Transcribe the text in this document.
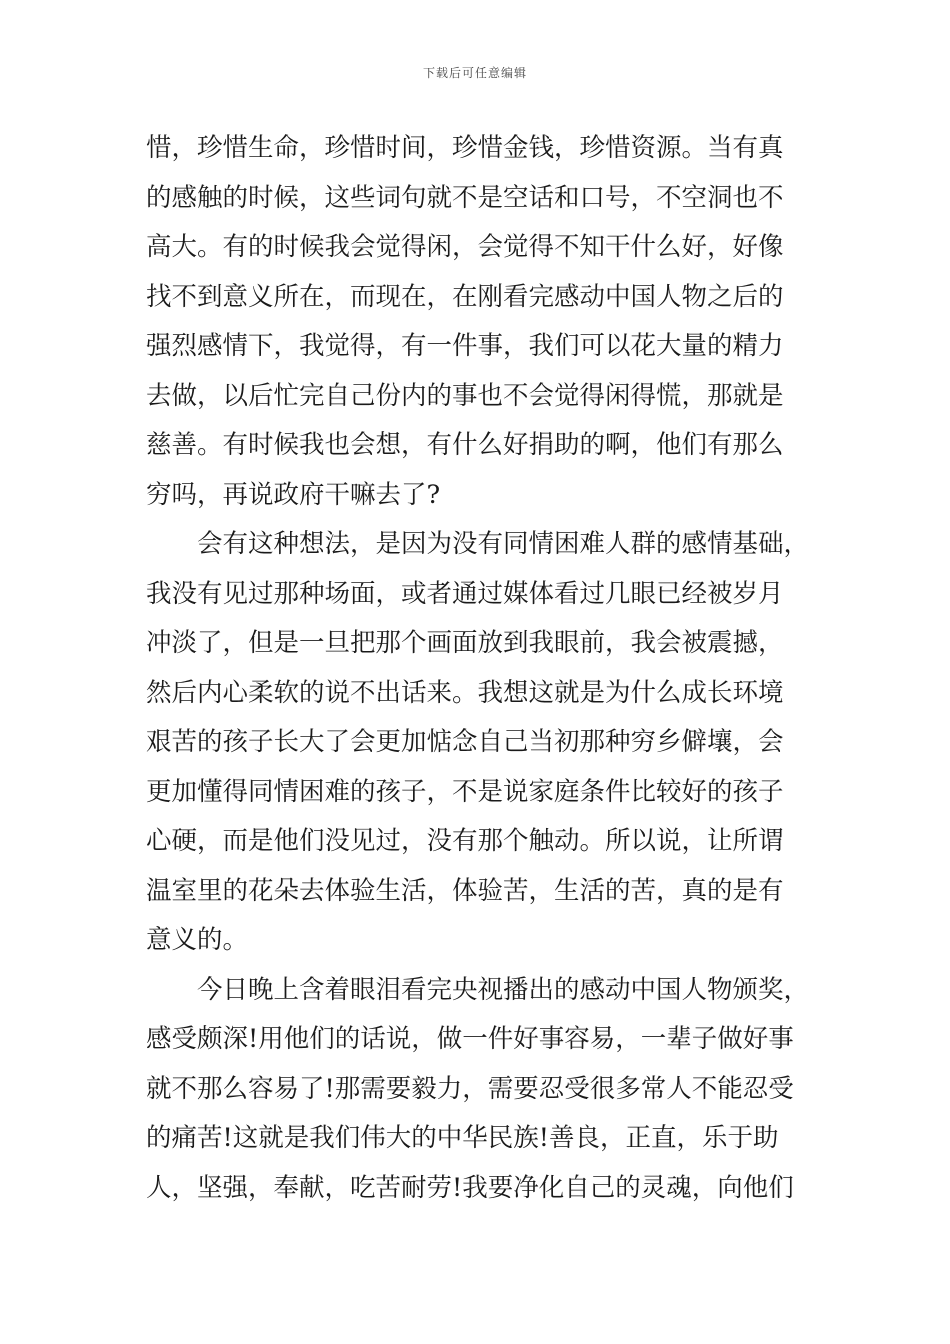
下载后可任意编辑
惜，珍惜生命，珍惜时间，珍惜金钱，珍惜资源。当有真
的感触的时候，这些词句就不是空话和口号，不空洞也不
高大。有的时候我会觉得闲，会觉得不知干什么好，好像
找不到意义所在，而现在，在刚看完感动中国人物之后的
强烈感情下，我觉得，有一件事，我们可以花大量的精力
去做，以后忙完自己份内的事也不会觉得闲得慌，那就是
慈善。有时候我也会想，有什么好捐助的啊，他们有那么
穷吗，再说政府干嘛去了?
会有这种想法，是因为没有同情困难人群的感情基础，
我没有见过那种场面，或者通过媒体看过几眼已经被岁月
冲淡了，但是一旦把那个画面放到我眼前，我会被震撼，
然后内心柔软的说不出话来。我想这就是为什么成长环境
艰苦的孩子长大了会更加惦念自己当初那种穷乡僻壤，会
更加懂得同情困难的孩子，不是说家庭条件比较好的孩子
心硬，而是他们没见过，没有那个触动。所以说，让所谓
温室里的花朵去体验生活，体验苦，生活的苦，真的是有
意义的。
今日晚上含着眼泪看完央视播出的感动中国人物颁奖，
感受颇深!用他们的话说，做一件好事容易，一辈子做好事
就不那么容易了!那需要毅力，需要忍受很多常人不能忍受
的痛苦!这就是我们伟大的中华民族!善良，正直，乐于助
人，坚强，奉献，吃苦耐劳!我要净化自己的灵魂，向他们
